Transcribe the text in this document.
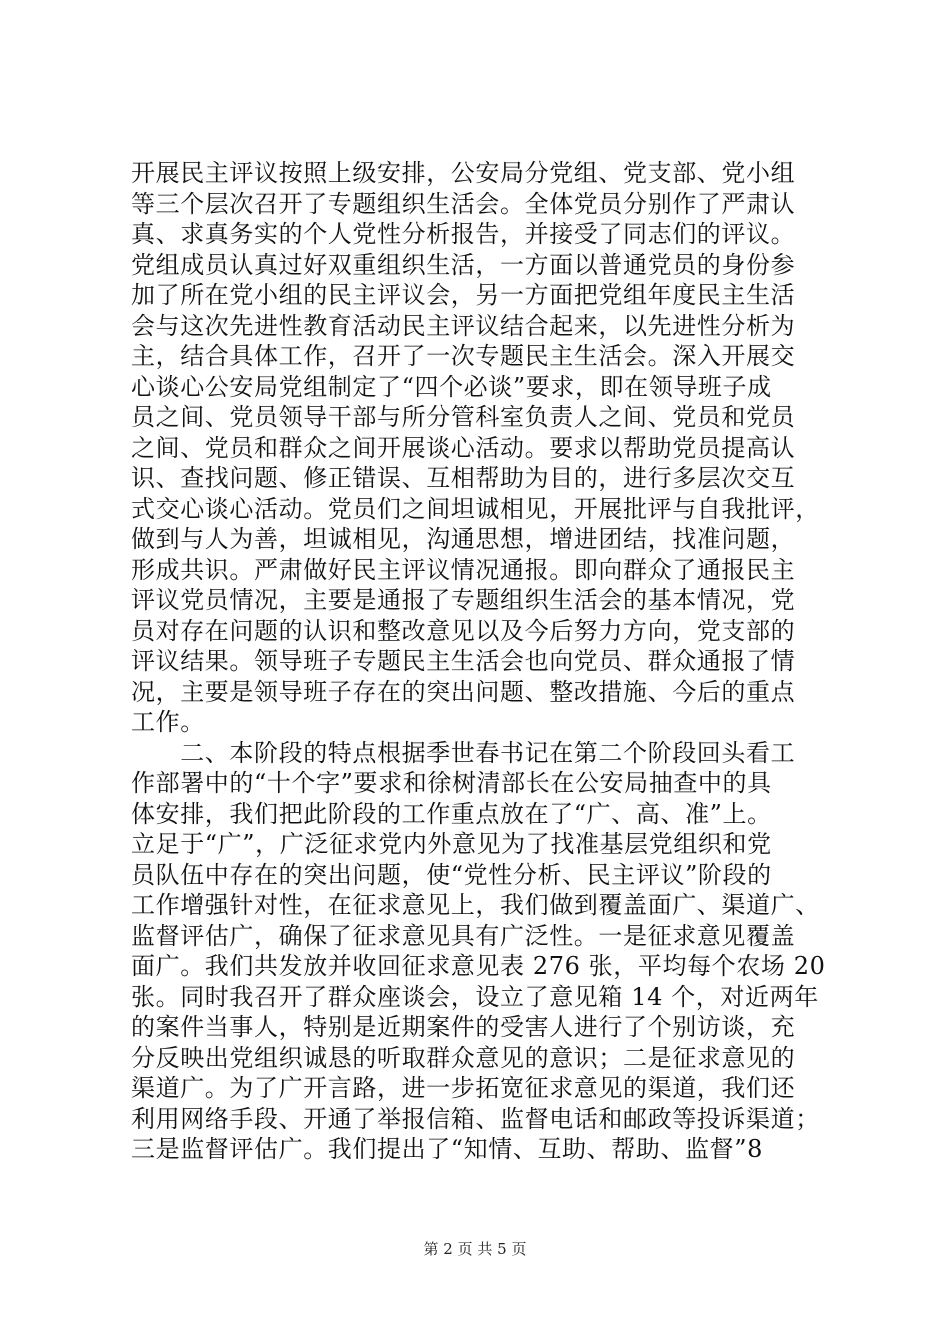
开展民主评议按照上级安排，公安局分党组、党支部、党小组
等三个层次召开了专题组织生活会。全体党员分别作了严肃认
真、求真务实的个人党性分析报告，并接受了同志们的评议。
党组成员认真过好双重组织生活，一方面以普通党员的身份参
加了所在党小组的民主评议会，另一方面把党组年度民主生活
会与这次先进性教育活动民主评议结合起来，以先进性分析为
主，结合具体工作，召开了一次专题民主生活会。深入开展交
心谈心公安局党组制定了“四个必谈”要求，即在领导班子成
员之间、党员领导干部与所分管科室负责人之间、党员和党员
之间、党员和群众之间开展谈心活动。要求以帮助党员提高认
识、查找问题、修正错误、互相帮助为目的，进行多层次交互
式交心谈心活动。党员们之间坦诚相见，开展批评与自我批评，
做到与人为善，坦诚相见，沟通思想，增进团结，找准问题，
形成共识。严肃做好民主评议情况通报。即向群众了通报民主
评议党员情况，主要是通报了专题组织生活会的基本情况，党
员对存在问题的认识和整改意见以及今后努力方向，党支部的
评议结果。领导班子专题民主生活会也向党员、群众通报了情
况，主要是领导班子存在的突出问题、整改措施、今后的重点
工作。
　　二、本阶段的特点根据季世春书记在第二个阶段回头看工
作部署中的“十个字”要求和徐树清部长在公安局抽查中的具
体安排，我们把此阶段的工作重点放在了“广、高、准”上。
立足于“广”，广泛征求党内外意见为了找准基层党组织和党
员队伍中存在的突出问题，使“党性分析、民主评议”阶段的
工作增强针对性，在征求意见上，我们做到覆盖面广、渠道广、
监督评估广，确保了征求意见具有广泛性。一是征求意见覆盖
面广。我们共发放并收回征求意见表 276 张，平均每个农场 20
张。同时我召开了群众座谈会，设立了意见箱 14 个，对近两年
的案件当事人，特别是近期案件的受害人进行了个别访谈，充
分反映出党组织诚恳的听取群众意见的意识；二是征求意见的
渠道广。为了广开言路，进一步拓宽征求意见的渠道，我们还
利用网络手段、开通了举报信箱、监督电话和邮政等投诉渠道；
三是监督评估广。我们提出了“知情、互助、帮助、监督”8
第 2 页 共 5 页
